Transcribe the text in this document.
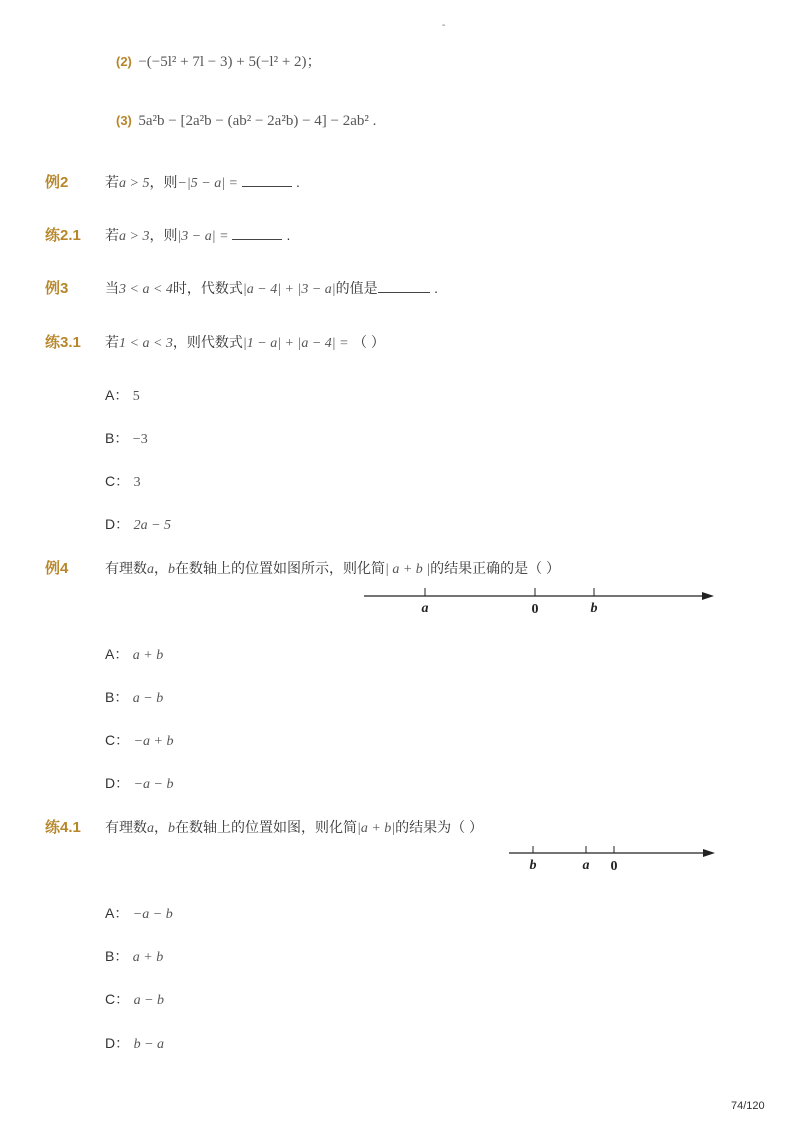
-
(2) −(−5l² + 7l − 3) + 5(−l² + 2)；
(3) 5a²b − [2a²b − (ab² − 2a²b) − 4] − 2ab² .
例2	若a > 5，则−|5 − a| =	.
练2.1 若a > 3，则|3 − a| =	.
例3	当3 < a < 4时，代数式|a − 4| + |3 − a|的值是	.
练3.1 若1 < a < 3，则代数式|1 − a| + |a − 4| = （ ）
A： 5
B： −3
C： 3
D： 2a − 5
例4	有理数a，b在数轴上的位置如图所示，则化简| a + b |的结果正确的是（ ）
a	0	b
A： a + b
B： a − b
C： −a + b
D： −a − b
练4.1 有理数a，b在数轴上的位置如图，则化简|a + b|的结果为（ ）
b	a 0
A： −a − b
B： a + b
C： a − b
D： b − a
74/120
